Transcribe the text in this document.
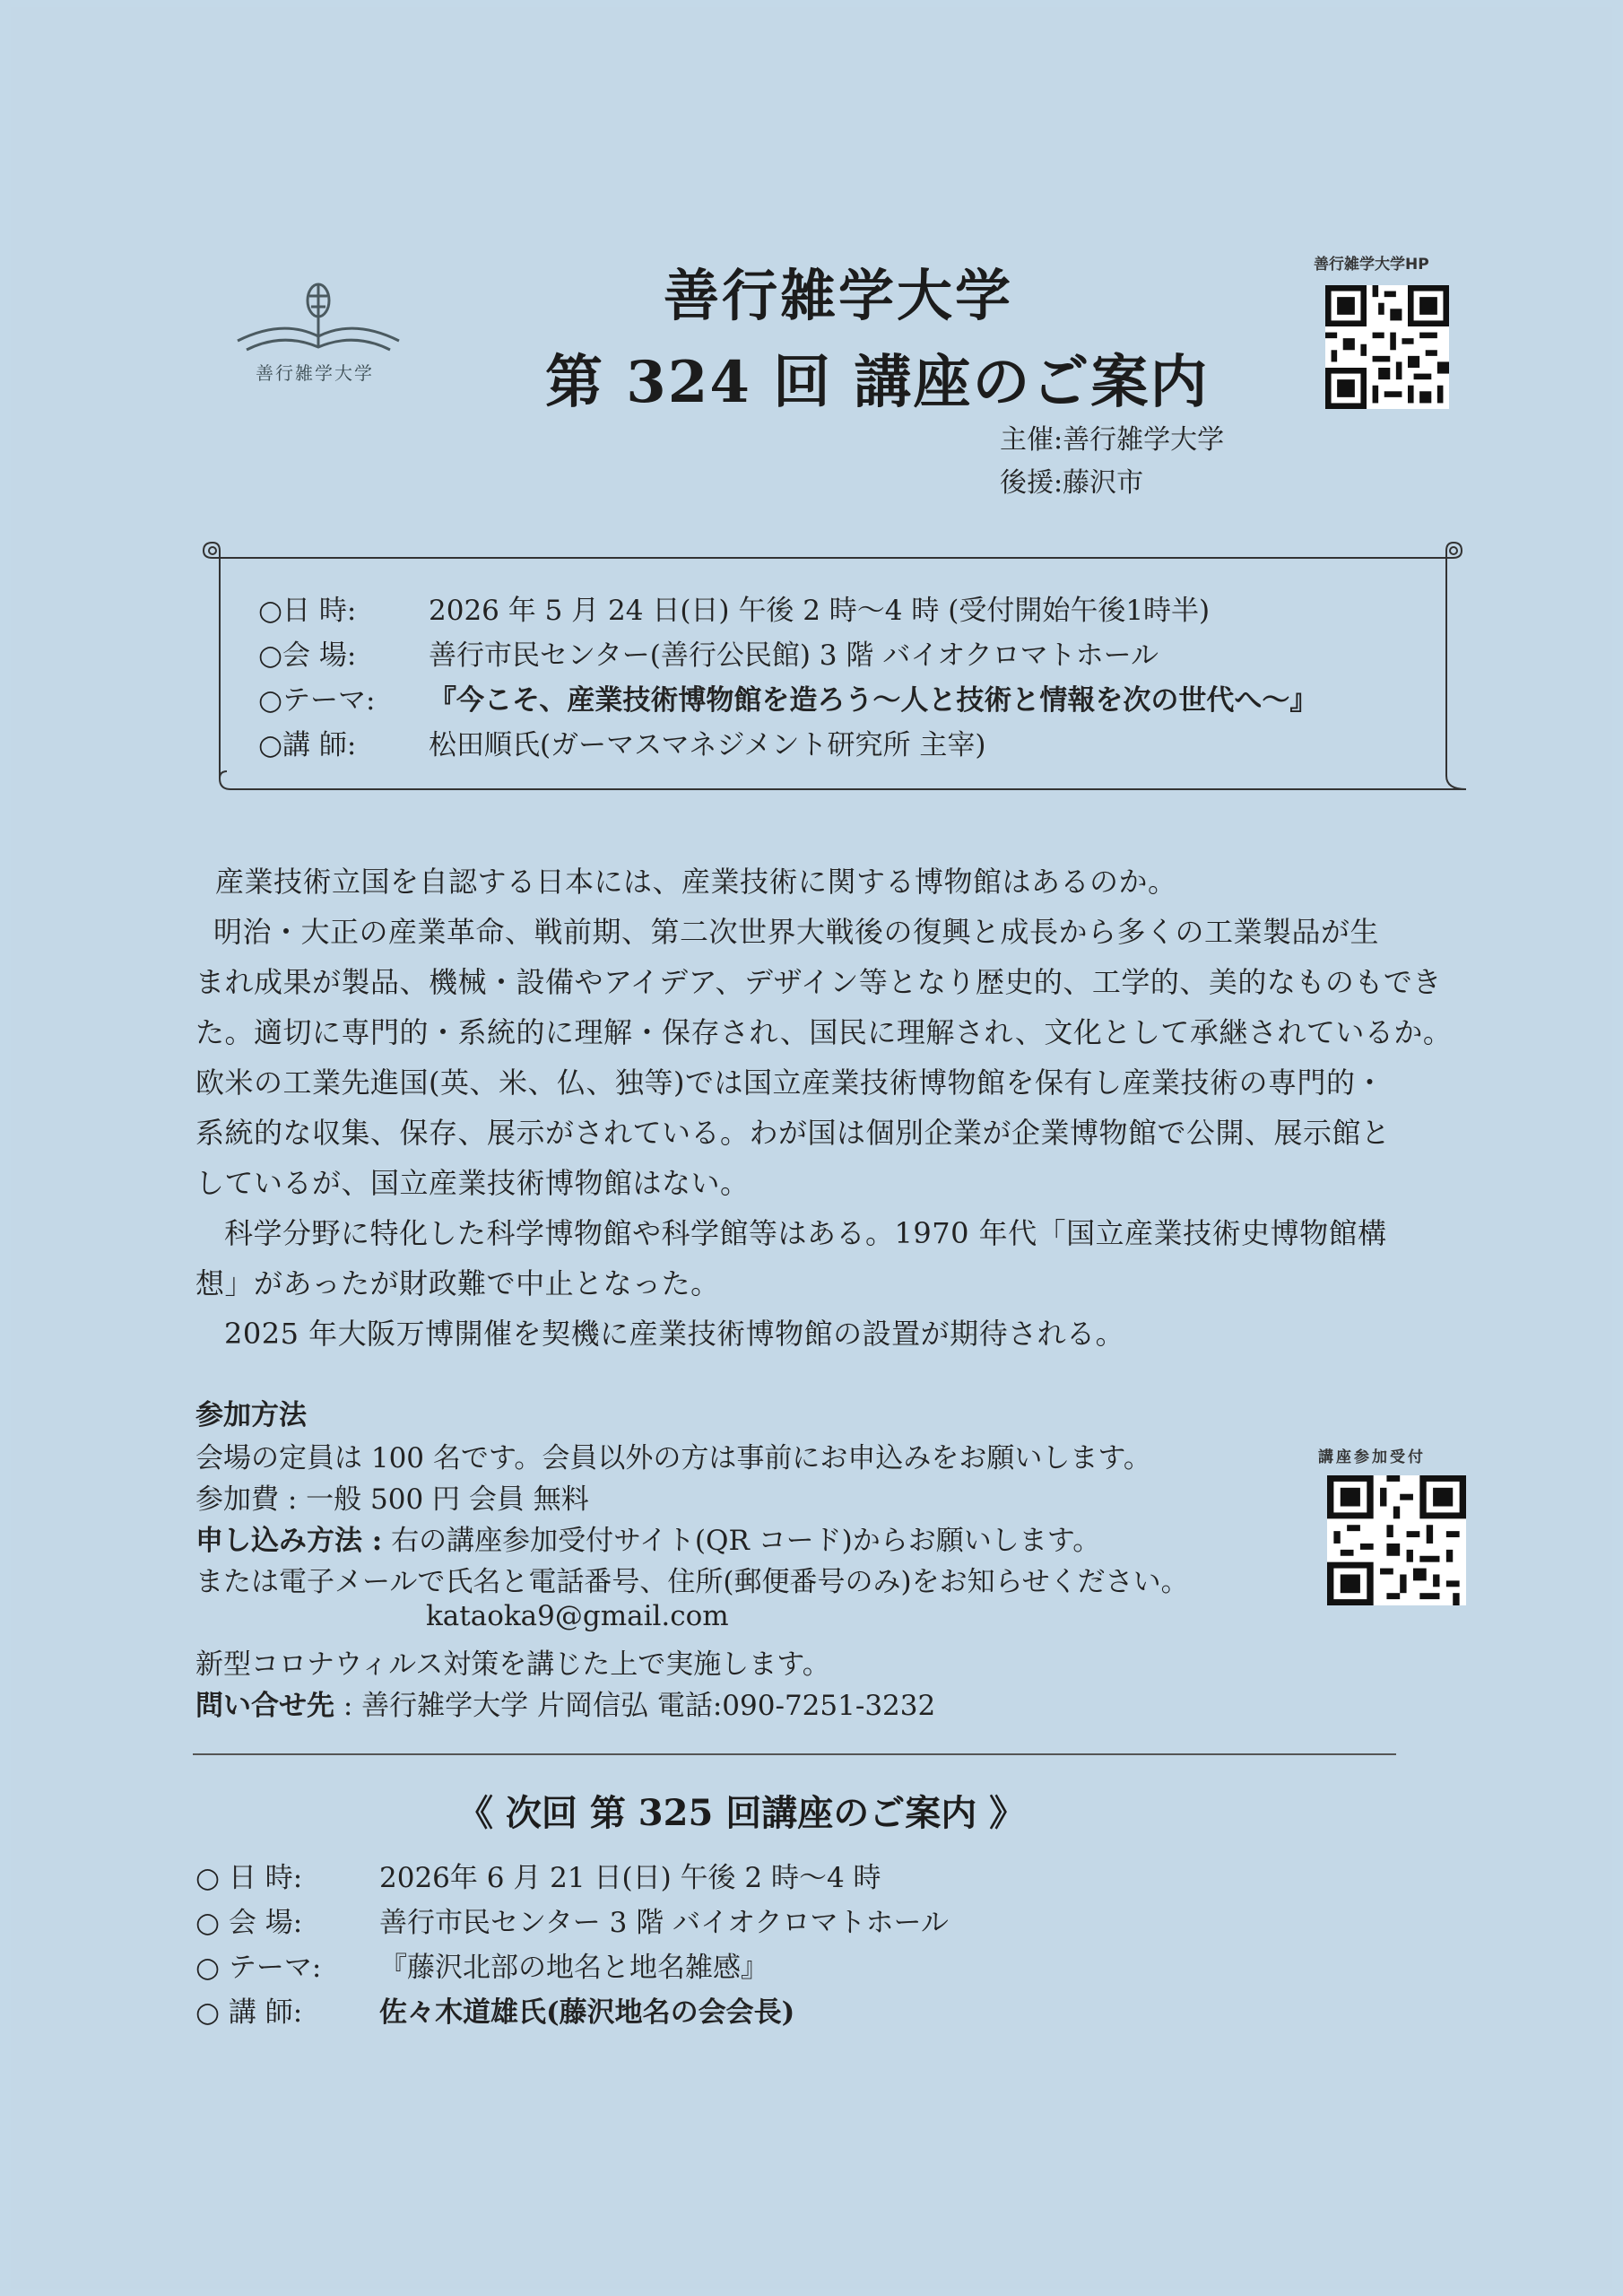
善行雑学大学
善行雑学大学
第 324 回 講座のご案内
善行雑学大学HP
主催:善行雑学大学
後援:藤沢市
○日 時:	2026 年 5 月 24 日(日) 午後 2 時〜4 時 (受付開始午後1時半)
○会 場:	善行市民センター(善行公民館) 3 階 バイオクロマトホール
○テーマ: 『今こそ、産業技術博物館を造ろう〜人と技術と情報を次の世代へ〜』
○講 師:	松田順氏(ガーマスマネジメント研究所 主宰)
産業技術立国を自認する日本には、産業技術に関する博物館はあるのか。
明治・大正の産業革命、戦前期、第二次世界大戦後の復興と成長から多くの工業製品が生
まれ成果が製品、機械・設備やアイデア、デザイン等となり歴史的、工学的、美的なものもでき
た。適切に専門的・系統的に理解・保存され、国民に理解され、文化として承継されているか。
欧米の工業先進国(英、米、仏、独等)では国立産業技術博物館を保有し産業技術の専門的・
系統的な収集、保存、展示がされている。わが国は個別企業が企業博物館で公開、展示館と
しているが、国立産業技術博物館はない。
科学分野に特化した科学博物館や科学館等はある。1970 年代「国立産業技術史博物館構
想」があったが財政難で中止となった。
2025 年大阪万博開催を契機に産業技術博物館の設置が期待される。
参加方法
会場の定員は 100 名です。会員以外の方は事前にお申込みをお願いします。
参加費 : 一般 500 円 会員 無料
申し込み方法 : 右の講座参加受付サイト(QR コード)からお願いします。
または電子メールで氏名と電話番号、住所(郵便番号のみ)をお知らせください。
kataoka9@gmail.com
新型コロナウィルス対策を講じた上で実施します。
問い合せ先 : 善行雑学大学 片岡信弘 電話:090-7251-3232
講座参加受付
《 次回 第 325 回講座のご案内 》
○ 日 時:	2026年 6 月 21 日(日) 午後 2 時〜4 時
○ 会 場:	善行市民センター 3 階 バイオクロマトホール
○ テーマ: 『藤沢北部の地名と地名雑感』
○ 講 師:	佐々木道雄氏(藤沢地名の会会長)
